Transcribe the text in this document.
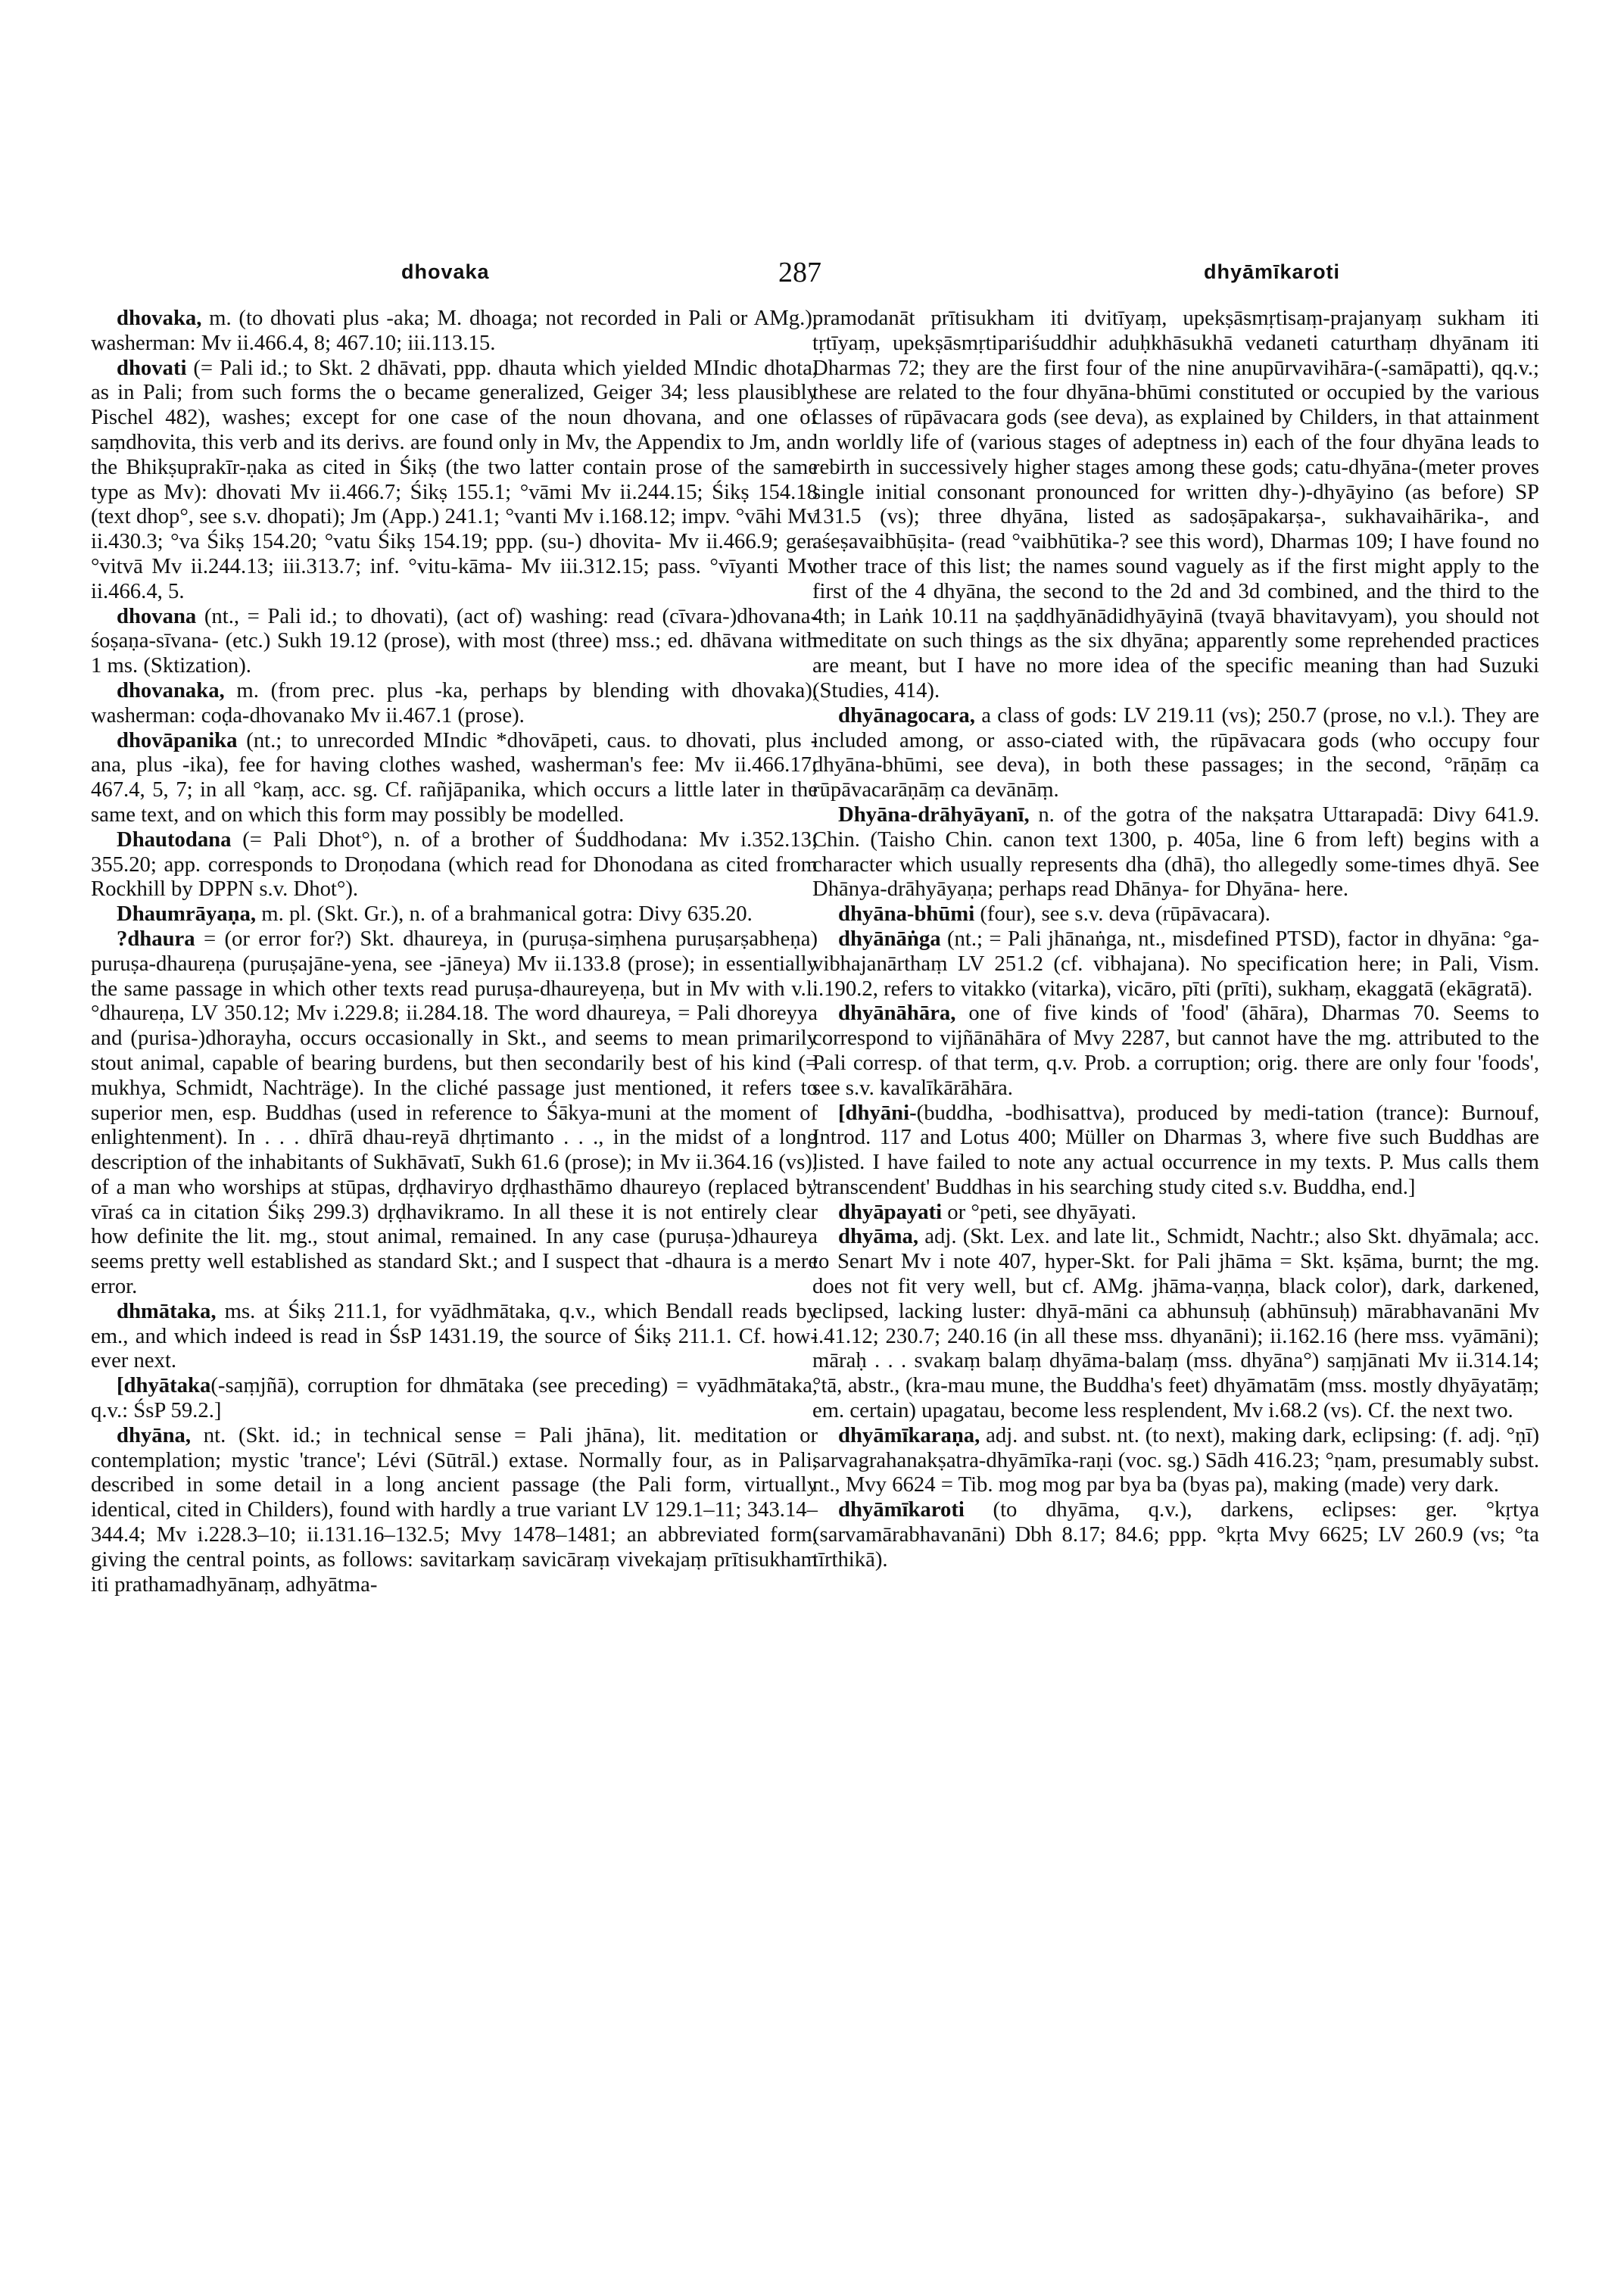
dhovaka	287	dhyāmīkaroti

dhovaka, m. (to dhovati plus -aka; M. dhoaga; not recorded in Pali or AMg.), washerman: Mv ii.466.4, 8; 467.10; iii.113.15.

dhovati (= Pali id.; to Skt. 2 dhāvati, ppp. dhauta which yielded MIndic dhota, as in Pali; from such forms the o became generalized, Geiger 34; less plausibly Pischel 482), washes; except for one case of the noun dhovana, and one of saṃdhovita, this verb and its derivs. are found only in Mv, the Appendix to Jm, and the Bhikṣuprakīr-ṇaka as cited in Śikṣ (the two latter contain prose of the same type as Mv): dhovati Mv ii.466.7; Śikṣ 155.1; °vāmi Mv ii.244.15; Śikṣ 154.18 (text dhop°, see s.v. dhopati); Jm (App.) 241.1; °vanti Mv i.168.12; impv. °vāhi Mv ii.430.3; °va Śikṣ 154.20; °vatu Śikṣ 154.19; ppp. (su-) dhovita- Mv ii.466.9; ger. °vitvā Mv ii.244.13; iii.313.7; inf. °vitu-kāma- Mv iii.312.15; pass. °vīyanti Mv ii.466.4, 5.

dhovana (nt., = Pali id.; to dhovati), (act of) washing: read (cīvara-)dhovana-śoṣaṇa-sīvana- (etc.) Sukh 19.12 (prose), with most (three) mss.; ed. dhāvana with 1 ms. (Sktization).

dhovanaka, m. (from prec. plus -ka, perhaps by blending with dhovaka), washerman: coḍa-dhovanako Mv ii.467.1 (prose).

dhovāpanika (nt.; to unrecorded MIndic *dhovāpeti, caus. to dhovati, plus -ana, plus -ika), fee for having clothes washed, washerman's fee: Mv ii.466.17; 467.4, 5, 7; in all °kaṃ, acc. sg. Cf. rañjāpanika, which occurs a little later in the same text, and on which this form may possibly be modelled.

Dhautodana (= Pali Dhot°), n. of a brother of Śuddhodana: Mv i.352.13; 355.20; app. corresponds to Droṇodana (which read for Dhonodana as cited from Rockhill by DPPN s.v. Dhot°).

Dhaumrāyaṇa, m. pl. (Skt. Gr.), n. of a brahmanical gotra: Divy 635.20.

?dhaura = (or error for?) Skt. dhaureya, in (puruṣa-siṃhena puruṣarṣabheṇa) puruṣa-dhaureṇa (puruṣajāne-yena, see -jāneya) Mv ii.133.8 (prose); in essentially the same passage in which other texts read puruṣa-dhaureyeṇa, but in Mv with v.l. °dhaureṇa, LV 350.12; Mv i.229.8; ii.284.18. The word dhaureya, = Pali dhoreyya and (purisa-)dhorayha, occurs occasionally in Skt., and seems to mean primarily stout animal, capable of bearing burdens, but then secondarily best of his kind (= mukhya, Schmidt, Nachträge). In the cliché passage just mentioned, it refers to superior men, esp. Buddhas (used in reference to Śākya-muni at the moment of enlightenment). In . . . dhīrā dhau-reyā dhṛtimanto . . ., in the midst of a long description of the inhabitants of Sukhāvatī, Sukh 61.6 (prose); in Mv ii.364.16 (vs), of a man who worships at stūpas, dṛḍhaviryo dṛḍhasthāmo dhaureyo (replaced by vīraś ca in citation Śikṣ 299.3) dṛḍhavikramo. In all these it is not entirely clear how definite the lit. mg., stout animal, remained. In any case (puruṣa-)dhaureya seems pretty well established as standard Skt.; and I suspect that -dhaura is a mere error.

dhmātaka, ms. at Śikṣ 211.1, for vyādhmātaka, q.v., which Bendall reads by em., and which indeed is read in ŚsP 1431.19, the source of Śikṣ 211.1. Cf. how-ever next.

[dhyātaka(-saṃjñā), corruption for dhmātaka (see preceding) = vyādhmātaka, q.v.: ŚsP 59.2.]

dhyāna, nt. (Skt. id.; in technical sense = Pali jhāna), lit. meditation or contemplation; mystic 'trance'; Lévi (Sūtrāl.) extase. Normally four, as in Pali, described in some detail in a long ancient passage (the Pali form, virtually identical, cited in Childers), found with hardly a true variant LV 129.1–11; 343.14–344.4; Mv i.228.3–10; ii.131.16–132.5; Mvy 1478–1481; an abbreviated form, giving the central points, as follows: savitarkaṃ savicāraṃ vivekajaṃ prītisukham iti prathamadhyānaṃ, adhyātma-

pramodanāt prītisukham iti dvitīyaṃ, upekṣāsmṛtisaṃ-prajanyaṃ sukham iti tṛtīyaṃ, upekṣāsmṛtipariśuddhir aduḥkhāsukhā vedaneti caturthaṃ dhyānam iti Dharmas 72; they are the first four of the nine anupūrvavihāra-(-samāpatti), qq.v.; these are related to the four dhyāna-bhūmi constituted or occupied by the various classes of rūpāvacara gods (see deva), as explained by Childers, in that attainment in worldly life of (various stages of adeptness in) each of the four dhyāna leads to rebirth in successively higher stages among these gods; catu-dhyāna-(meter proves single initial consonant pronounced for written dhy-)-dhyāyino (as before) SP 131.5 (vs); three dhyāna, listed as sadoṣāpakarṣa-, sukhavaihārika-, and aśeṣavaibhūṣita- (read °vaibhūtika-? see this word), Dharmas 109; I have found no other trace of this list; the names sound vaguely as if the first might apply to the first of the 4 dhyāna, the second to the 2d and 3d combined, and the third to the 4th; in Laṅk 10.11 na ṣaḍdhyānādidhyāyinā (tvayā bhavitavyam), you should not meditate on such things as the six dhyāna; apparently some reprehended practices are meant, but I have no more idea of the specific meaning than had Suzuki (Studies, 414).

dhyānagocara, a class of gods: LV 219.11 (vs); 250.7 (prose, no v.l.). They are included among, or asso-ciated with, the rūpāvacara gods (who occupy four dhyāna-bhūmi, see deva), in both these passages; in the second, °rāṇāṃ ca rūpāvacarāṇāṃ ca devānāṃ.

Dhyāna-drāhyāyanī, n. of the gotra of the nakṣatra Uttarapadā: Divy 641.9. Chin. (Taisho Chin. canon text 1300, p. 405a, line 6 from left) begins with a character which usually represents dha (dhā), tho allegedly some-times dhyā. See Dhānya-drāhyāyaṇa; perhaps read Dhānya- for Dhyāna- here.

dhyāna-bhūmi (four), see s.v. deva (rūpāvacara).

dhyānāṅga (nt.; = Pali jhānaṅga, nt., misdefined PTSD), factor in dhyāna: °ga-vibhajanārthaṃ LV 251.2 (cf. vibhajana). No specification here; in Pali, Vism. i.190.2, refers to vitakko (vitarka), vicāro, pīti (prīti), sukhaṃ, ekaggatā (ekāgratā).

dhyānāhāra, one of five kinds of 'food' (āhāra), Dharmas 70. Seems to correspond to vijñānāhāra of Mvy 2287, but cannot have the mg. attributed to the Pali corresp. of that term, q.v. Prob. a corruption; orig. there are only four 'foods', see s.v. kavalīkārāhāra.

[dhyāni-(buddha, -bodhisattva), produced by medi-tation (trance): Burnouf, Introd. 117 and Lotus 400; Müller on Dharmas 3, where five such Buddhas are listed. I have failed to note any actual occurrence in my texts. P. Mus calls them 'transcendent' Buddhas in his searching study cited s.v. Buddha, end.]

dhyāpayati or °peti, see dhyāyati.

dhyāma, adj. (Skt. Lex. and late lit., Schmidt, Nachtr.; also Skt. dhyāmala; acc. to Senart Mv i note 407, hyper-Skt. for Pali jhāma = Skt. kṣāma, burnt; the mg. does not fit very well, but cf. AMg. jhāma-vaṇṇa, black color), dark, darkened, eclipsed, lacking luster: dhyā-māni ca abhunsuḥ (abhūnsuḥ) mārabhavanāni Mv i.41.12; 230.7; 240.16 (in all these mss. dhyanāni); ii.162.16 (here mss. vyāmāni); māraḥ . . . svakaṃ balaṃ dhyāma-balaṃ (mss. dhyāna°) saṃjānati Mv ii.314.14; °tā, abstr., (kra-mau mune, the Buddha's feet) dhyāmatām (mss. mostly dhyāyatāṃ; em. certain) upagatau, become less resplendent, Mv i.68.2 (vs). Cf. the next two.

dhyāmīkaraṇa, adj. and subst. nt. (to next), making dark, eclipsing: (f. adj. °ṇī) sarvagrahanakṣatra-dhyāmīka-raṇi (voc. sg.) Sādh 416.23; °ṇam, presumably subst. nt., Mvy 6624 = Tib. mog mog par bya ba (byas pa), making (made) very dark.

dhyāmīkaroti (to dhyāma, q.v.), darkens, eclipses: ger. °kṛtya (sarvamārabhavanāni) Dbh 8.17; 84.6; ppp. °kṛta Mvy 6625; LV 260.9 (vs; °ta tīrthikā).
